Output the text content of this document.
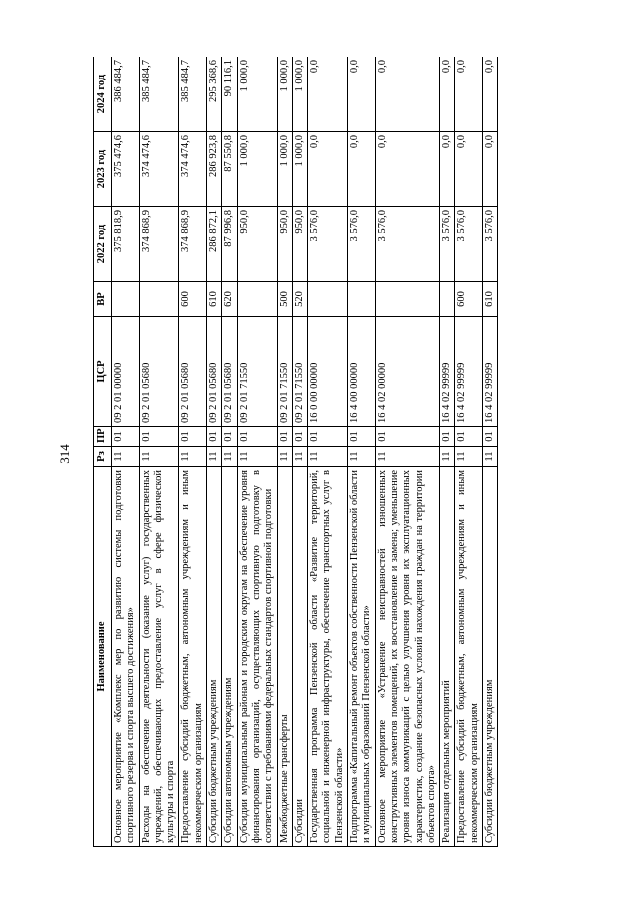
314
Наименование	Рз	ПР	ЦСР	ВР	2022 год	2023 год	2024 год
Основное мероприятие «Комплекс мер по развитию системы подготовки спортивного резерва и спорта высшего достижения»	11	01	09 2 01 00000		375 818,9	375 474,6	386 484,7
Расходы на обеспечение деятельности (оказание услуг) государственных учреждений, обеспечивающих предоставление услуг в сфере физической культуры и спорта	11	01	09 2 01 05680		374 868,9	374 474,6	385 484,7
Предоставление субсидий бюджетным, автономным учреждениям и иным некоммерческим организациям	11	01	09 2 01 05680	600	374 868,9	374 474,6	385 484,7
Субсидии бюджетным учреждениям	11	01	09 2 01 05680	610	286 872,1	286 923,8	295 368,6
Субсидии автономным учреждениям	11	01	09 2 01 05680	620	87 996,8	87 550,8	90 116,1
Субсидии муниципальным районам и городским округам на обеспечение уровня финансирования организаций, осуществляющих спортивную подготовку в соответствии с требованиями федеральных стандартов спортивной подготовки	11	01	09 2 01 71550		950,0	1 000,0	1 000,0
Межбюджетные трансферты	11	01	09 2 01 71550	500	950,0	1 000,0	1 000,0
Субсидии	11	01	09 2 01 71550	520	950,0	1 000,0	1 000,0
Государственная программа Пензенской области «Развитие территорий, социальной и инженерной инфраструктуры, обеспечение транспортных услуг в Пензенской области»	11	01	16 0 00 00000		3 576,0	0,0	0,0
Подпрограмма «Капитальный ремонт объектов собственности Пензенской области и муниципальных образований Пензенской области»	11	01	16 4 00 00000		3 576,0	0,0	0,0
Основное мероприятие «Устранение неисправностей изношенных конструктивных элементов помещений, их восстановление и замена; уменьшение уровня износа коммуникаций с целью улучшения уровня их эксплуатационных характеристик, создание безопасных условий нахождения граждан на территории объектов спорта»	11	01	16 4 02 00000		3 576,0	0,0	0,0
Реализация отдельных мероприятий	11	01	16 4 02 99999		3 576,0	0,0	0,0
Предоставление субсидий бюджетным, автономным учреждениям и иным некоммерческим организациям	11	01	16 4 02 99999	600	3 576,0	0,0	0,0
Субсидии бюджетным учреждениям	11	01	16 4 02 99999	610	3 576,0	0,0	0,0
